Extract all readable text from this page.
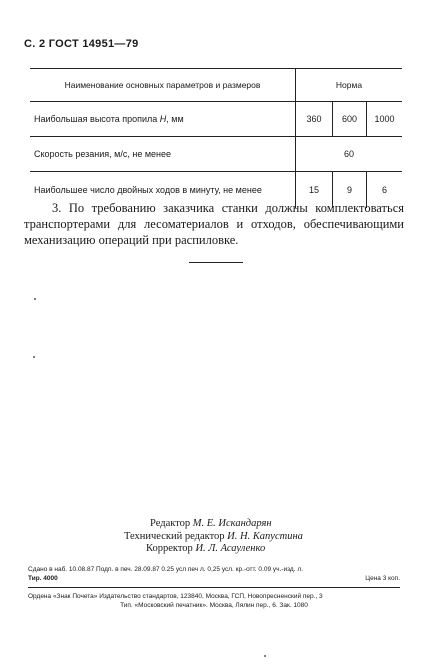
С. 2 ГОСТ 14951—79
Наименование основных параметров и размеров	Норма		
Наибольшая высота пропила H, мм	360	600	1000
Скорость резания, м/с, не менее	60		
Наибольшее число двойных ходов в минуту, не менее	15	9	6
3. По требованию заказчика станки должны комплектоваться транспортерами для лесоматериалов и отходов, обеспечивающими механизацию операций при распиловке.
Редактор М. Е. Искандарян
Технический редактор И. Н. Капустина
Корректор И. Л. Асауленко
Сдано в наб. 10.08.87 Подп. в печ. 28.09.87 0.25 усл печ л. 0,25 усл. кр.-отт. 0.09 уч.-изд. л.
Тир. 4000	Цена 3 коп.
Ордена «Знак Почета» Издательство стандартов, 123840, Москва, ГСП, Новопресненский пер., 3
Тип. «Московский печатник». Москва, Лялин пер., 6. Зак. 1080
